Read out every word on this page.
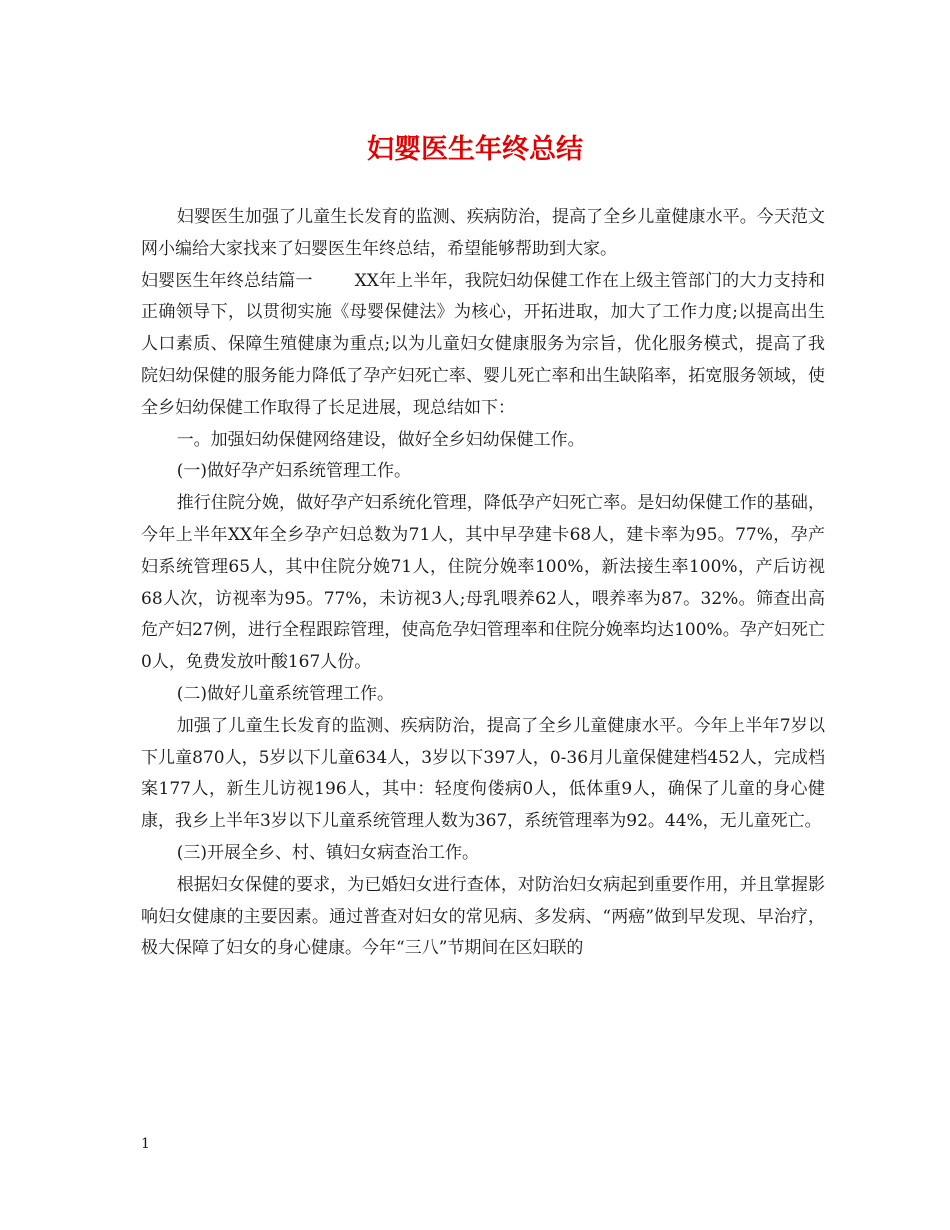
妇婴医生年终总结

妇婴医生加强了儿童生长发育的监测、疾病防治，提高了全乡儿童健康水平。今天范文网小编给大家找来了妇婴医生年终总结，希望能够帮助到大家。

妇婴医生年终总结篇一 XX年上半年，我院妇幼保健工作在上级主管部门的大力支持和正确领导下，以贯彻实施《母婴保健法》为核心，开拓进取，加大了工作力度;以提高出生人口素质、保障生殖健康为重点;以为儿童妇女健康服务为宗旨，优化服务模式，提高了我院妇幼保健的服务能力降低了孕产妇死亡率、婴儿死亡率和出生缺陷率，拓宽服务领域，使全乡妇幼保健工作取得了长足进展，现总结如下：

一。加强妇幼保健网络建设，做好全乡妇幼保健工作。

(一)做好孕产妇系统管理工作。

推行住院分娩，做好孕产妇系统化管理，降低孕产妇死亡率。是妇幼保健工作的基础，今年上半年XX年全乡孕产妇总数为71人，其中早孕建卡68人，建卡率为95。77%，孕产妇系统管理65人，其中住院分娩71人，住院分娩率100%，新法接生率100%，产后访视68人次，访视率为95。77%，未访视3人;母乳喂养62人，喂养率为87。32%。筛查出高危产妇27例，进行全程跟踪管理，使高危孕妇管理率和住院分娩率均达100%。孕产妇死亡0人，免费发放叶酸167人份。

(二)做好儿童系统管理工作。

加强了儿童生长发育的监测、疾病防治，提高了全乡儿童健康水平。今年上半年7岁以下儿童870人，5岁以下儿童634人，3岁以下397人，0-36月儿童保健建档452人，完成档案177人，新生儿访视196人，其中：轻度佝偻病0人，低体重9人，确保了儿童的身心健康，我乡上半年3岁以下儿童系统管理人数为367，系统管理率为92。44%，无儿童死亡。

(三)开展全乡、村、镇妇女病查治工作。

根据妇女保健的要求，为已婚妇女进行查体，对防治妇女病起到重要作用，并且掌握影响妇女健康的主要因素。通过普查对妇女的常见病、多发病、“两癌”做到早发现、早治疗，极大保障了妇女的身心健康。今年“三八”节期间在区妇联的

1
